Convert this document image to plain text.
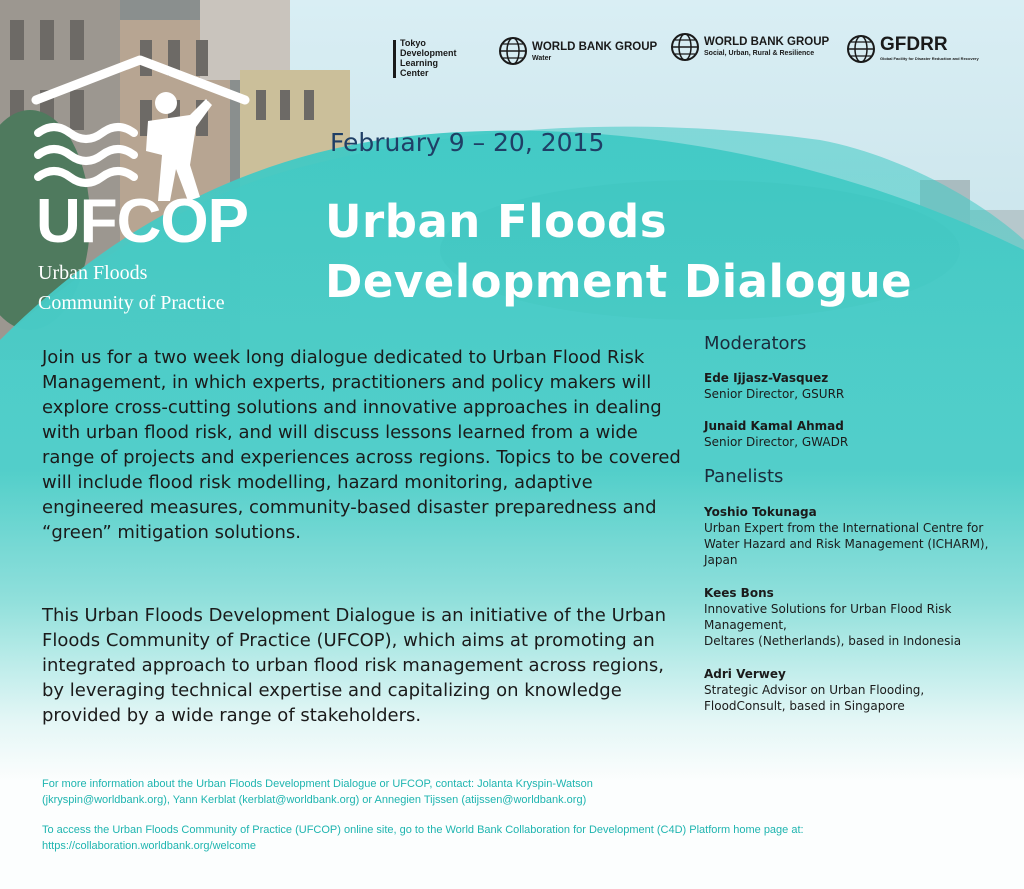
UFCOP
Urban Floods
Community of Practice
Tokyo
Development
Learning
Center
WORLD BANK GROUP
Water
WORLD BANK GROUP
Social, Urban, Rural & Resilience	GFDRR
Global Facility for Disaster Reduction and Recovery
February 9 – 20, 2015
Urban Floods
Development Dialogue
Join us for a two week long dialogue dedicated to Urban Flood Risk Management, in which experts, practitioners and policy makers will explore cross-cutting solutions and innovative approaches in dealing with urban flood risk, and will discuss lessons learned from a wide range of projects and experiences across regions. Topics to be covered will include flood risk modelling, hazard monitoring, adaptive engineered measures, community-based disaster preparedness and “green” mitigation solutions.
This Urban Floods Development Dialogue is an initiative of the Urban Floods Community of Practice (UFCOP), which aims at promoting an integrated approach to urban flood risk management across regions, by leveraging technical expertise and capitalizing on knowledge provided by a wide range of stakeholders.
Moderators
Ede Ijjasz-Vasquez
Senior Director, GSURR
Junaid Kamal Ahmad
Senior Director, GWADR
Panelists
Yoshio Tokunaga
Urban Expert from the International Centre for Water Hazard and Risk Management (ICHARM), Japan
Kees Bons
Innovative Solutions for Urban Flood Risk Management,
Deltares (Netherlands), based in Indonesia
Adri Verwey
Strategic Advisor on Urban Flooding,
FloodConsult, based in Singapore
For more information about the Urban Floods Development Dialogue or UFCOP, contact: Jolanta Kryspin-Watson
(jkryspin@worldbank.org), Yann Kerblat (kerblat@worldbank.org) or Annegien Tijssen (atijssen@worldbank.org)
To access the Urban Floods Community of Practice (UFCOP) online site, go to the World Bank Collaboration for Development (C4D) Platform home page at:
https://collaboration.worldbank.org/welcome
